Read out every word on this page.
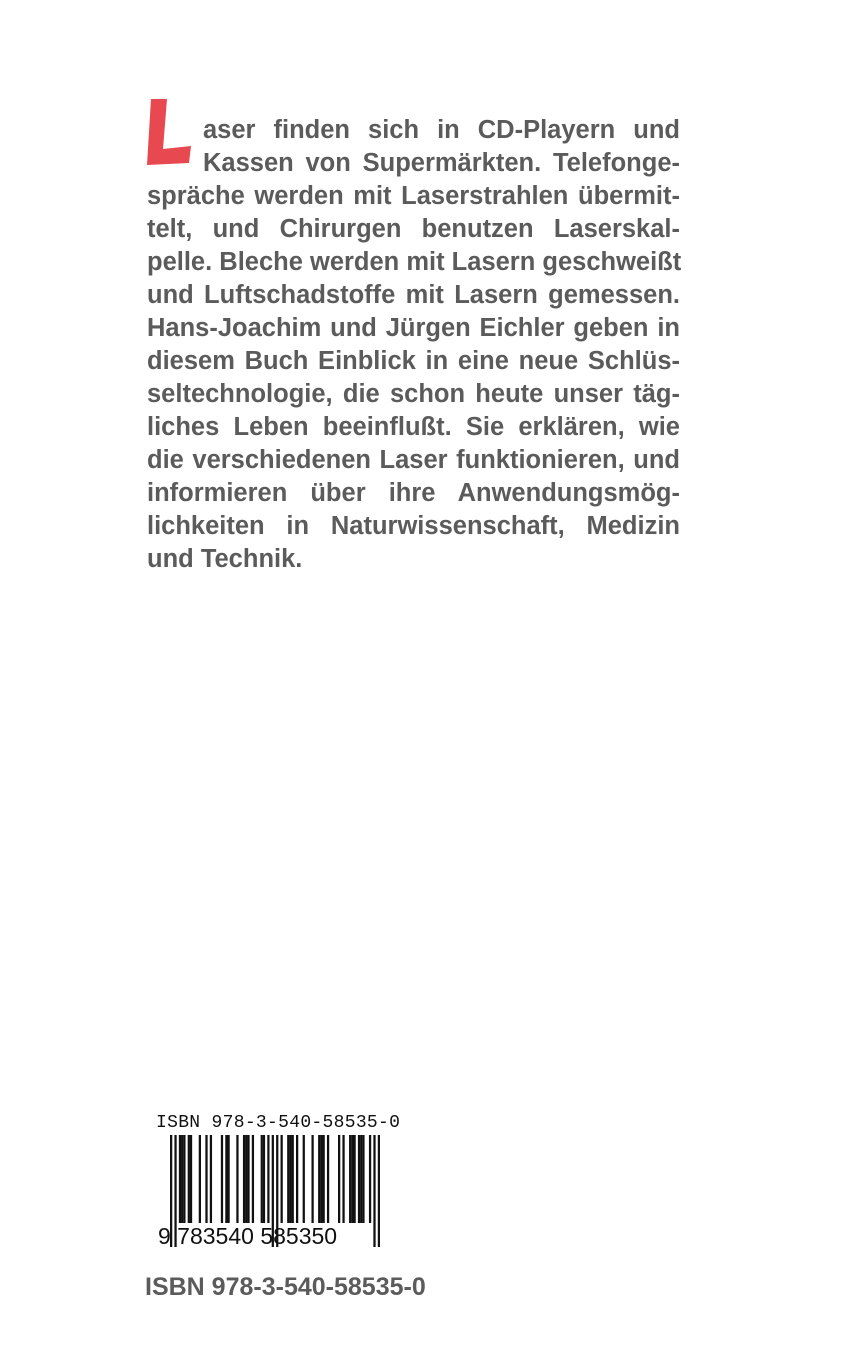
aser finden sich in CD-Playern und
Kassen von Supermärkten. Telefonge-
spräche werden mit Laserstrahlen übermit-
telt, und Chirurgen benutzen Laserskal-
pelle. Bleche werden mit Lasern geschweißt
und Luftschadstoffe mit Lasern gemessen.
Hans-Joachim und Jürgen Eichler geben in
diesem Buch Einblick in eine neue Schlüs-
seltechnologie, die schon heute unser täg-
liches Leben beeinflußt. Sie erklären, wie
die verschiedenen Laser funktionieren, und
informieren über ihre Anwendungsmög-
lichkeiten in Naturwissenschaft, Medizin
und Technik.
ISBN 978-3-540-58535-0
9 783540 585350
ISBN 978-3-540-58535-0
